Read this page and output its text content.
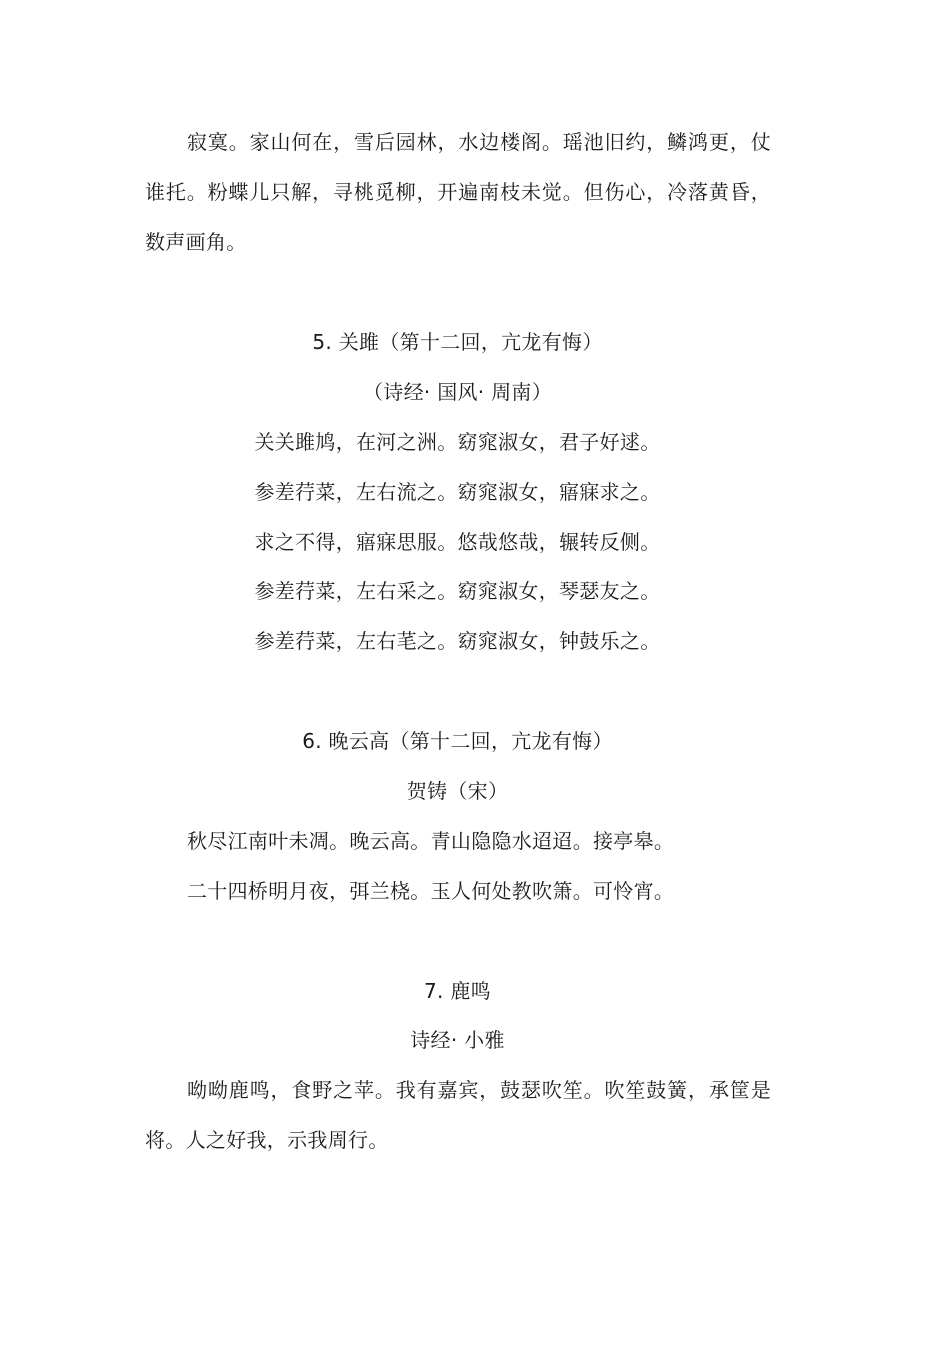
寂寞。家山何在，雪后园林，水边楼阁。瑶池旧约，鳞鸿更，仗
谁托。粉蝶儿只解，寻桃觅柳，开遍南枝未觉。但伤心，冷落黄昏，
数声画角。
5. 关雎（第十二回，亢龙有悔）
（诗经· 国风· 周南）
关关雎鸠，在河之洲。窈窕淑女，君子好逑。
参差荇菜，左右流之。窈窕淑女，寤寐求之。
求之不得，寤寐思服。悠哉悠哉，辗转反侧。
参差荇菜，左右采之。窈窕淑女，琴瑟友之。
参差荇菜，左右芼之。窈窕淑女，钟鼓乐之。
6. 晚云高（第十二回，亢龙有悔）
贺铸（宋）
秋尽江南叶未凋。晚云高。青山隐隐水迢迢。接亭皋。
二十四桥明月夜，弭兰桡。玉人何处教吹箫。可怜宵。
7. 鹿鸣
诗经· 小雅
呦呦鹿鸣，食野之苹。我有嘉宾，鼓瑟吹笙。吹笙鼓簧，承筐是
将。人之好我，示我周行。
